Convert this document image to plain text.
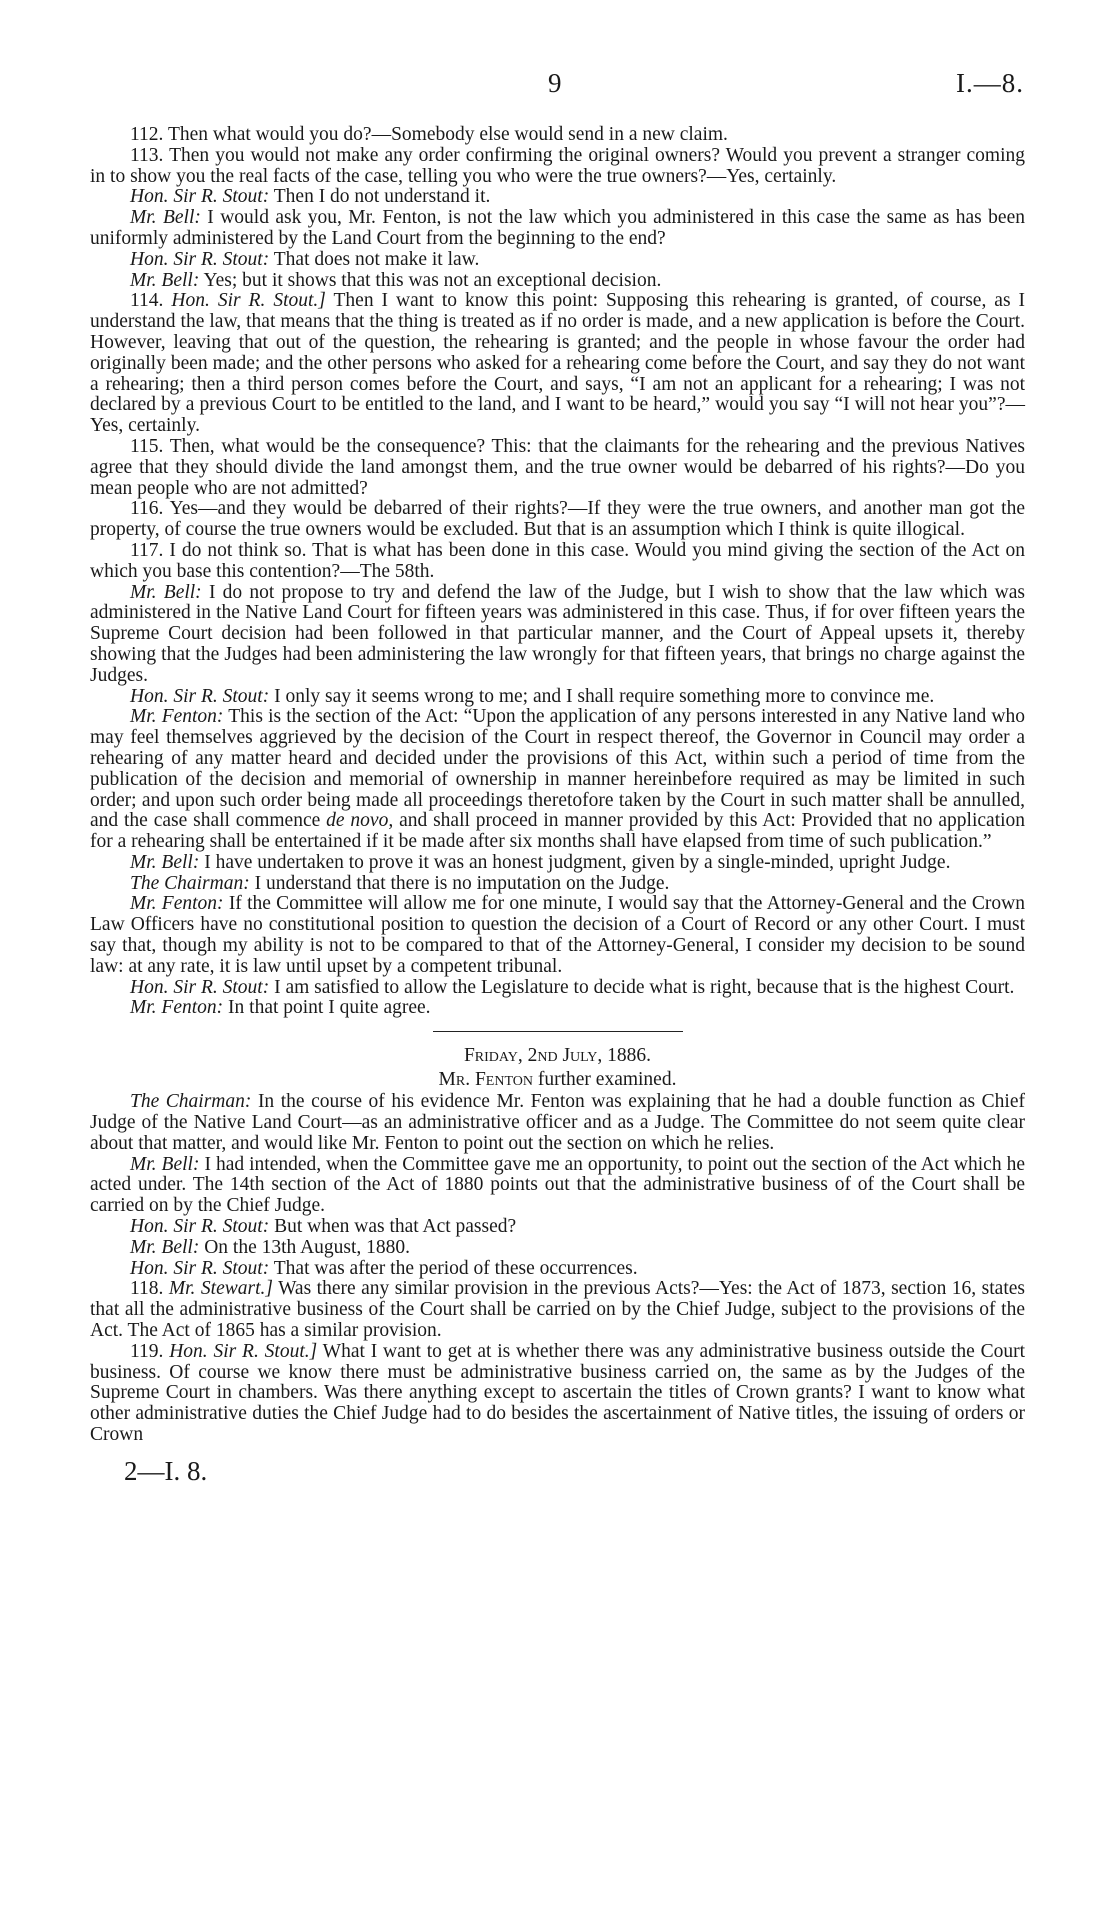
9	I.—8.

112. Then what would you do?—Somebody else would send in a new claim.

113. Then you would not make any order confirming the original owners? Would you prevent a stranger coming in to show you the real facts of the case, telling you who were the true owners?—Yes, certainly.

Hon. Sir R. Stout: Then I do not understand it.

Mr. Bell: I would ask you, Mr. Fenton, is not the law which you administered in this case the same as has been uniformly administered by the Land Court from the beginning to the end?

Hon. Sir R. Stout: That does not make it law.

Mr. Bell: Yes; but it shows that this was not an exceptional decision.

114. Hon. Sir R. Stout.] Then I want to know this point: Supposing this rehearing is granted, of course, as I understand the law, that means that the thing is treated as if no order is made, and a new application is before the Court. However, leaving that out of the question, the rehearing is granted; and the people in whose favour the order had originally been made; and the other persons who asked for a rehearing come before the Court, and say they do not want a rehearing; then a third person comes before the Court, and says, “I am not an applicant for a rehearing; I was not declared by a previous Court to be entitled to the land, and I want to be heard,” would you say “I will not hear you”?—Yes, certainly.

115. Then, what would be the consequence? This: that the claimants for the rehearing and the previous Natives agree that they should divide the land amongst them, and the true owner would be debarred of his rights?—Do you mean people who are not admitted?

116. Yes—and they would be debarred of their rights?—If they were the true owners, and another man got the property, of course the true owners would be excluded. But that is an assumption which I think is quite illogical.

117. I do not think so. That is what has been done in this case. Would you mind giving the section of the Act on which you base this contention?—The 58th.

Mr. Bell: I do not propose to try and defend the law of the Judge, but I wish to show that the law which was administered in the Native Land Court for fifteen years was administered in this case. Thus, if for over fifteen years the Supreme Court decision had been followed in that particular manner, and the Court of Appeal upsets it, thereby showing that the Judges had been administering the law wrongly for that fifteen years, that brings no charge against the Judges.

Hon. Sir R. Stout: I only say it seems wrong to me; and I shall require something more to convince me.

Mr. Fenton: This is the section of the Act: “Upon the application of any persons interested in any Native land who may feel themselves aggrieved by the decision of the Court in respect thereof, the Governor in Council may order a rehearing of any matter heard and decided under the provisions of this Act, within such a period of time from the publication of the decision and memorial of ownership in manner hereinbefore required as may be limited in such order; and upon such order being made all proceedings theretofore taken by the Court in such matter shall be annulled, and the case shall commence de novo, and shall proceed in manner provided by this Act: Provided that no application for a rehearing shall be entertained if it be made after six months shall have elapsed from time of such publication.”

Mr. Bell: I have undertaken to prove it was an honest judgment, given by a single-minded, upright Judge.

The Chairman: I understand that there is no imputation on the Judge.

Mr. Fenton: If the Committee will allow me for one minute, I would say that the Attorney-General and the Crown Law Officers have no constitutional position to question the decision of a Court of Record or any other Court. I must say that, though my ability is not to be compared to that of the Attorney-General, I consider my decision to be sound law: at any rate, it is law until upset by a competent tribunal.

Hon. Sir R. Stout: I am satisfied to allow the Legislature to decide what is right, because that is the highest Court.

Mr. Fenton: In that point I quite agree.

Friday, 2nd July, 1886.

Mr. Fenton further examined.

The Chairman: In the course of his evidence Mr. Fenton was explaining that he had a double function as Chief Judge of the Native Land Court—as an administrative officer and as a Judge. The Committee do not seem quite clear about that matter, and would like Mr. Fenton to point out the section on which he relies.

Mr. Bell: I had intended, when the Committee gave me an opportunity, to point out the section of the Act which he acted under. The 14th section of the Act of 1880 points out that the administrative business of of the Court shall be carried on by the Chief Judge.

Hon. Sir R. Stout: But when was that Act passed?

Mr. Bell: On the 13th August, 1880.

Hon. Sir R. Stout: That was after the period of these occurrences.

118. Mr. Stewart.] Was there any similar provision in the previous Acts?—Yes: the Act of 1873, section 16, states that all the administrative business of the Court shall be carried on by the Chief Judge, subject to the provisions of the Act. The Act of 1865 has a similar provision.

119. Hon. Sir R. Stout.] What I want to get at is whether there was any administrative business outside the Court business. Of course we know there must be administrative business carried on, the same as by the Judges of the Supreme Court in chambers. Was there anything except to ascertain the titles of Crown grants? I want to know what other administrative duties the Chief Judge had to do besides the ascertainment of Native titles, the issuing of orders or Crown

2—I. 8.
